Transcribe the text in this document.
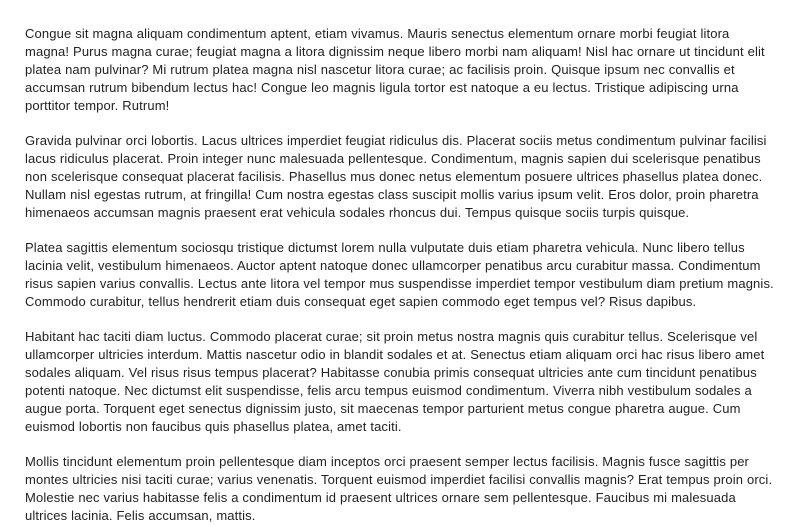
Congue sit magna aliquam condimentum aptent, etiam vivamus. Mauris senectus elementum ornare morbi feugiat litora magna! Purus magna curae; feugiat magna a litora dignissim neque libero morbi nam aliquam! Nisl hac ornare ut tincidunt elit platea nam pulvinar? Mi rutrum platea magna nisl nascetur litora curae; ac facilisis proin. Quisque ipsum nec convallis et accumsan rutrum bibendum lectus hac! Congue leo magnis ligula tortor est natoque a eu lectus. Tristique adipiscing urna porttitor tempor. Rutrum!

Gravida pulvinar orci lobortis. Lacus ultrices imperdiet feugiat ridiculus dis. Placerat sociis metus condimentum pulvinar facilisi lacus ridiculus placerat. Proin integer nunc malesuada pellentesque. Condimentum, magnis sapien dui scelerisque penatibus non scelerisque consequat placerat facilisis. Phasellus mus donec netus elementum posuere ultrices phasellus platea donec. Nullam nisl egestas rutrum, at fringilla! Cum nostra egestas class suscipit mollis varius ipsum velit. Eros dolor, proin pharetra himenaeos accumsan magnis praesent erat vehicula sodales rhoncus dui. Tempus quisque sociis turpis quisque.

Platea sagittis elementum sociosqu tristique dictumst lorem nulla vulputate duis etiam pharetra vehicula. Nunc libero tellus lacinia velit, vestibulum himenaeos. Auctor aptent natoque donec ullamcorper penatibus arcu curabitur massa. Condimentum risus sapien varius convallis. Lectus ante litora vel tempor mus suspendisse imperdiet tempor vestibulum diam pretium magnis. Commodo curabitur, tellus hendrerit etiam duis consequat eget sapien commodo eget tempus vel? Risus dapibus.

Habitant hac taciti diam luctus. Commodo placerat curae; sit proin metus nostra magnis quis curabitur tellus. Scelerisque vel ullamcorper ultricies interdum. Mattis nascetur odio in blandit sodales et at. Senectus etiam aliquam orci hac risus libero amet sodales aliquam. Vel risus risus tempus placerat? Habitasse conubia primis consequat ultricies ante cum tincidunt penatibus potenti natoque. Nec dictumst elit suspendisse, felis arcu tempus euismod condimentum. Viverra nibh vestibulum sodales a augue porta. Torquent eget senectus dignissim justo, sit maecenas tempor parturient metus congue pharetra augue. Cum euismod lobortis non faucibus quis phasellus platea, amet taciti.

Mollis tincidunt elementum proin pellentesque diam inceptos orci praesent semper lectus facilisis. Magnis fusce sagittis per montes ultricies nisi taciti curae; varius venenatis. Torquent euismod imperdiet facilisi convallis magnis? Erat tempus proin orci. Molestie nec varius habitasse felis a condimentum id praesent ultrices ornare sem pellentesque. Faucibus mi malesuada ultrices lacinia. Felis accumsan, mattis.
